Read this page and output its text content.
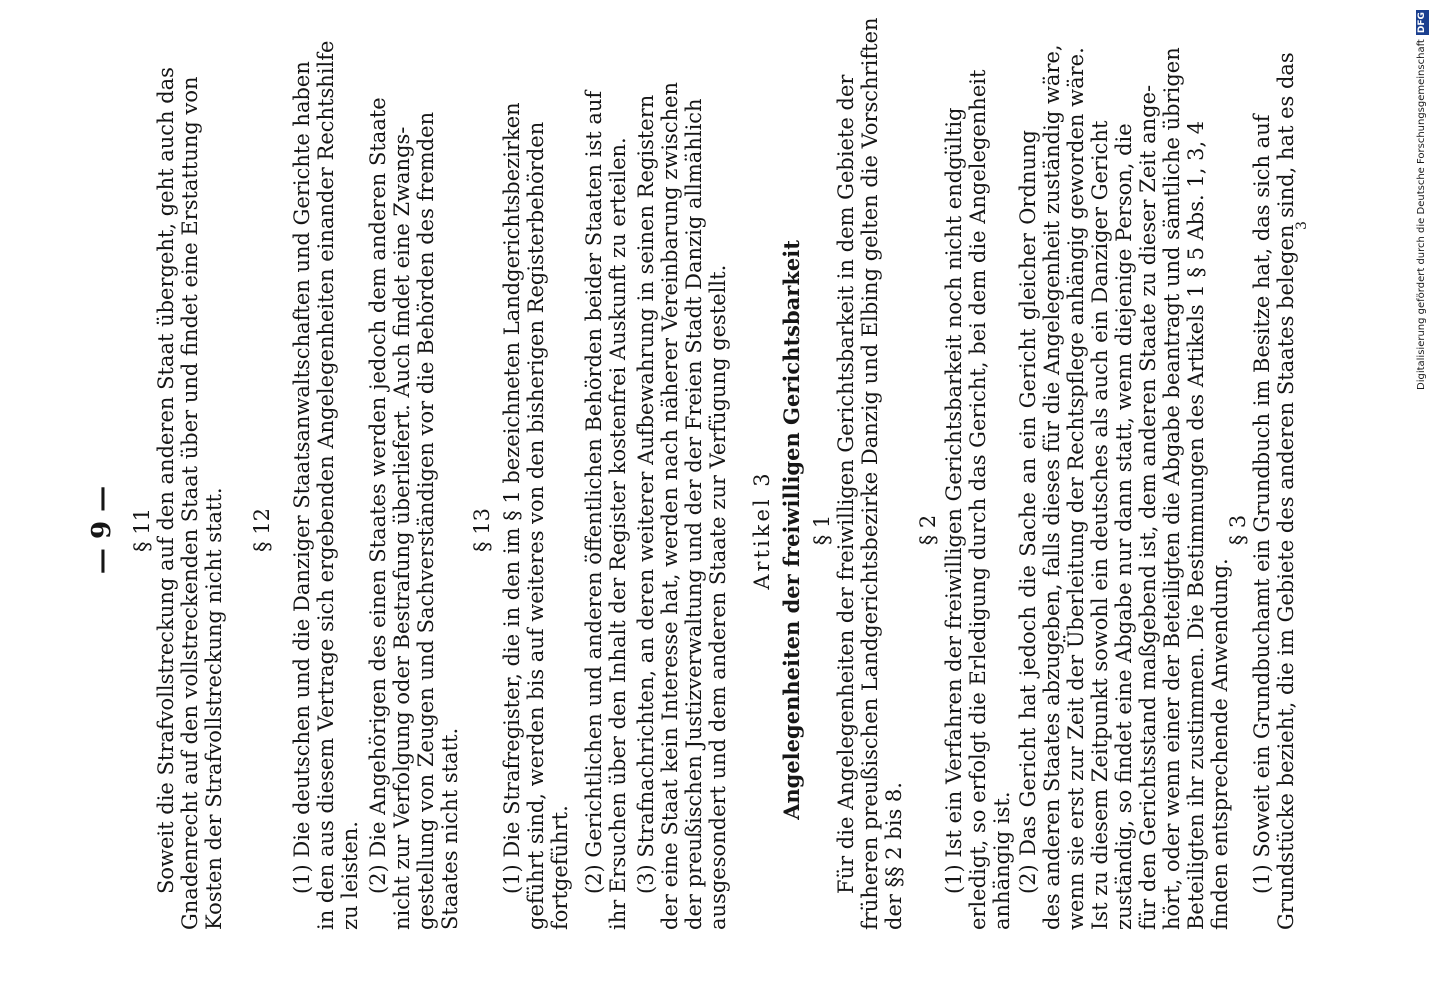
— 9 — § 11 Soweit die Strafvollstreckung auf den anderen Staat übergeht, geht auch das Gnadenrecht auf den vollstreckenden Staat über und findet eine Erstattung von Kosten der Strafvollstreckung nicht statt. § 12 (1) Die deutschen und die Danziger Staatsanwaltschaften und Gerichte haben in den aus diesem Vertrage sich ergebenden Angelegenheiten einander Rechtshilfe zu leisten. (2) Die Angehörigen des einen Staates werden jedoch dem anderen Staate nicht zur Verfolgung oder Bestrafung überliefert. Auch findet eine Zwangs- gestellung von Zeugen und Sachverständigen vor die Behörden des fremden Staates nicht statt.
§ 13 (1) Die Strafregister, die in den im § 1 bezeichneten Landgerichtsbezirken geführt sind, werden bis auf weiteres von den bisherigen Registerbehörden fortgeführt. (2) Gerichtlichen und anderen öffentlichen Behörden beider Staaten ist auf ihr Ersuchen über den Inhalt der Register kostenfrei Auskunft zu erteilen. (3) Strafnachrichten, an deren weiterer Aufbewahrung in seinen Registern der eine Staat kein Interesse hat, werden nach näherer Vereinbarung zwischen der preußischen Justizverwaltung und der der Freien Stadt Danzig allmählich ausgesondert und dem anderen Staate zur Verfügung gestellt. Artikel 3 Angelegenheiten der freiwilligen Gerichtsbarkeit § 1 Für die Angelegenheiten der freiwilligen Gerichtsbarkeit in dem Gebiete der früheren preußischen Landgerichtsbezirke Danzig und Elbing gelten die Vorschriften der §§ 2 bis 8.
§ 2 (1) Ist ein Verfahren der freiwilligen Gerichtsbarkeit noch nicht endgültig erledigt, so erfolgt die Erledigung durch das Gericht, bei dem die Angelegenheit anhängig ist. (2) Das Gericht hat jedoch die Sache an ein Gericht gleicher Ordnung des anderen Staates abzugeben, falls dieses für die Angelegenheit zuständig wäre, wenn sie erst zur Zeit der Überleitung der Rechtspflege anhängig geworden wäre. Ist zu diesem Zeitpunkt sowohl ein deutsches als auch ein Danziger Gericht zuständig, so findet eine Abgabe nur dann statt, wenn diejenige Person, die für den Gerichtsstand maßgebend ist, dem anderen Staate zu dieser Zeit ange- hört, oder wenn einer der Beteiligten die Abgabe beantragt und sämtliche übrigen Beteiligten ihr zustimmen. Die Bestimmungen des Artikels 1 § 5 Abs. 1, 3, 4 finden entsprechende Anwendung.
§ 3 (1) Soweit ein Grundbuchamt ein Grundbuch im Besitze hat, das sich auf Grundstücke bezieht, die im Gebiete des anderen Staates belegen sind, hat es das
3	Digitalisierung gefördert durch die Deutsche ForschungsgemeinschaftDFG
